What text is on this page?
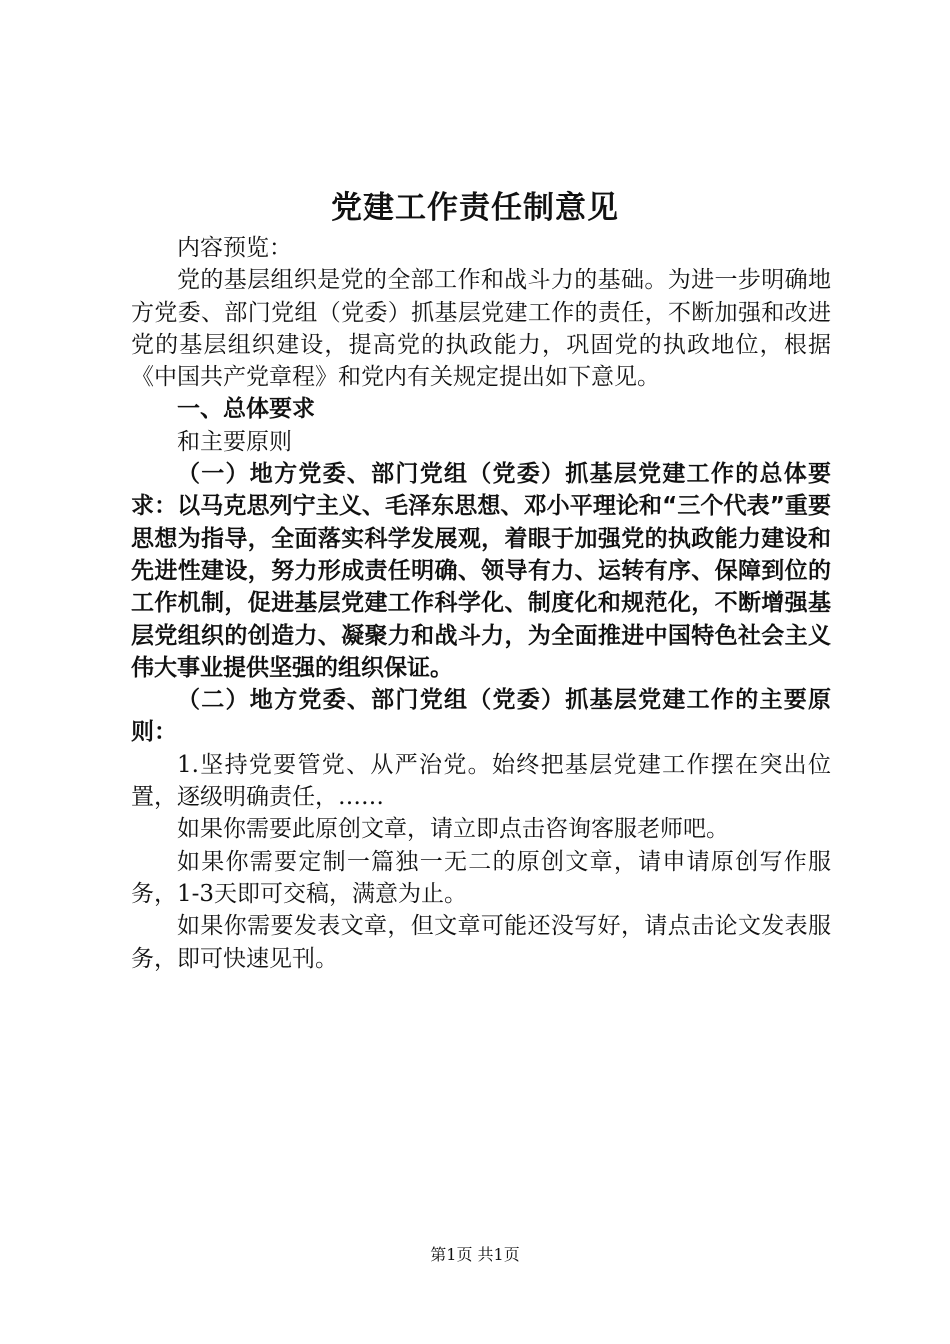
党建工作责任制意见

内容预览：

党的基层组织是党的全部工作和战斗力的基础。为进一步明确地方党委、部门党组（党委）抓基层党建工作的责任，不断加强和改进党的基层组织建设，提高党的执政能力，巩固党的执政地位，根据《中国共产党章程》和党内有关规定提出如下意见。

一、总体要求

和主要原则

（一）地方党委、部门党组（党委）抓基层党建工作的总体要求：以马克思列宁主义、毛泽东思想、邓小平理论和“三个代表”重要思想为指导，全面落实科学发展观，着眼于加强党的执政能力建设和先进性建设，努力形成责任明确、领导有力、运转有序、保障到位的工作机制，促进基层党建工作科学化、制度化和规范化，不断增强基层党组织的创造力、凝聚力和战斗力，为全面推进中国特色社会主义伟大事业提供坚强的组织保证。

（二）地方党委、部门党组（党委）抓基层党建工作的主要原则：

1.坚持党要管党、从严治党。始终把基层党建工作摆在突出位置，逐级明确责任，……

如果你需要此原创文章，请立即点击咨询客服老师吧。

如果你需要定制一篇独一无二的原创文章，请申请原创写作服务，1-3天即可交稿，满意为止。

如果你需要发表文章，但文章可能还没写好，请点击论文发表服务，即可快速见刊。

第1页 共1页
